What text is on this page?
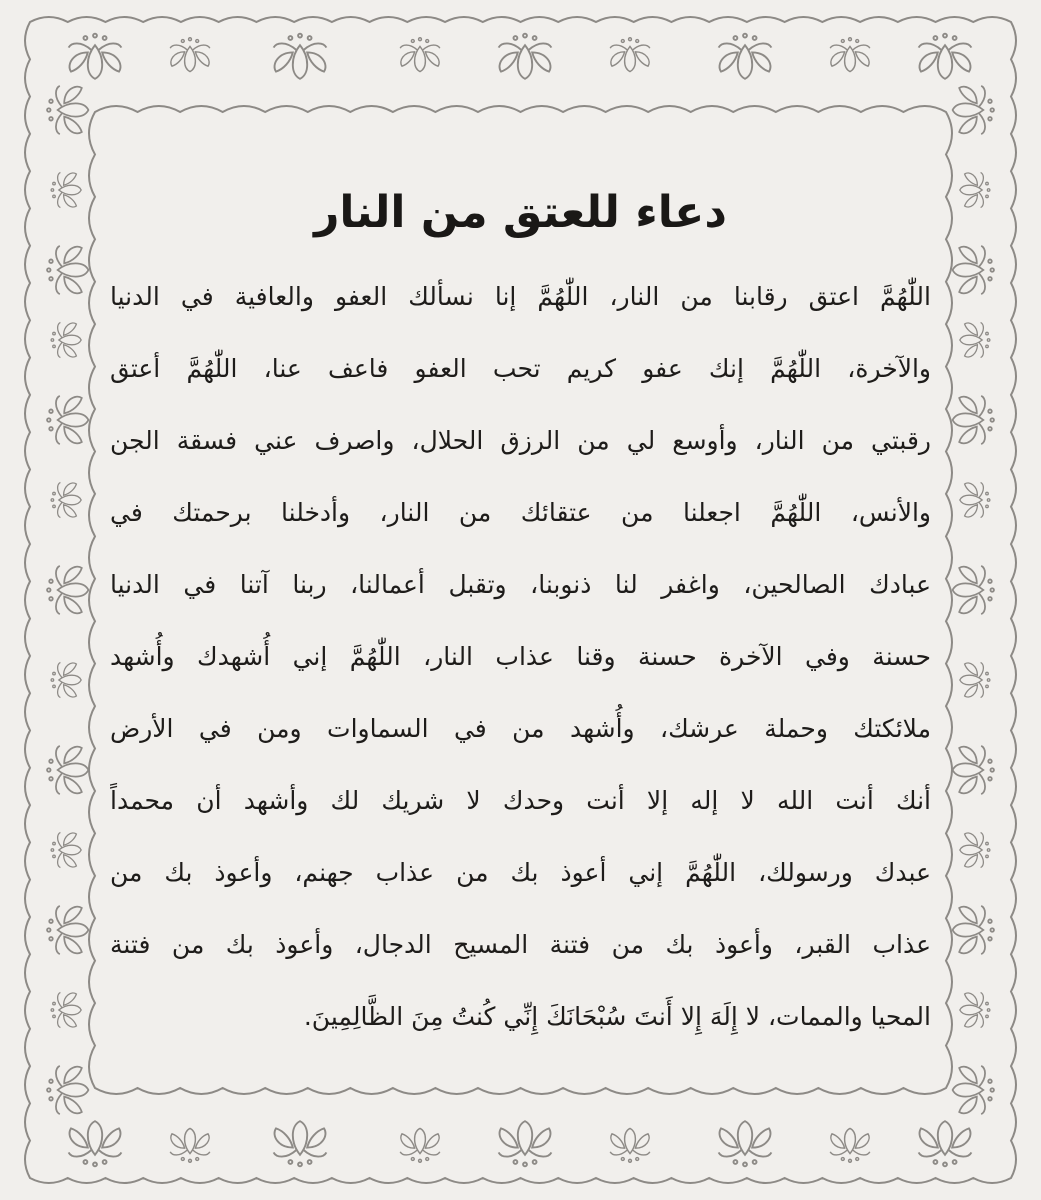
دعاء للعتق من النار
اللّٰهُمَّ اعتق رقابنا من النار، اللّٰهُمَّ إنا نسألك العفو والعافية في الدنيا
والآخرة، اللّٰهُمَّ إنك عفو كريم تحب العفو فاعف عنا، اللّٰهُمَّ أعتق
رقبتي من النار، وأوسع لي من الرزق الحلال، واصرف عني فسقة الجن
والأنس، اللّٰهُمَّ اجعلنا من عتقائك من النار، وأدخلنا برحمتك في
عبادك الصالحين، واغفر لنا ذنوبنا، وتقبل أعمالنا، ربنا آتنا في الدنيا
حسنة وفي الآخرة حسنة وقنا عذاب النار، اللّٰهُمَّ إني أُشهدك وأُشهد
ملائكتك وحملة عرشك، وأُشهد من في السماوات ومن في الأرض
أنك أنت الله لا إله إلا أنت وحدك لا شريك لك وأشهد أن محمداً
عبدك ورسولك، اللّٰهُمَّ إني أعوذ بك من عذاب جهنم، وأعوذ بك من
عذاب القبر، وأعوذ بك من فتنة المسيح الدجال، وأعوذ بك من فتنة
المحيا والممات، لا إِلَهَ إِلا أَنتَ سُبْحَانَكَ إِنِّي كُنتُ مِنَ الظَّالِمِينَ.
